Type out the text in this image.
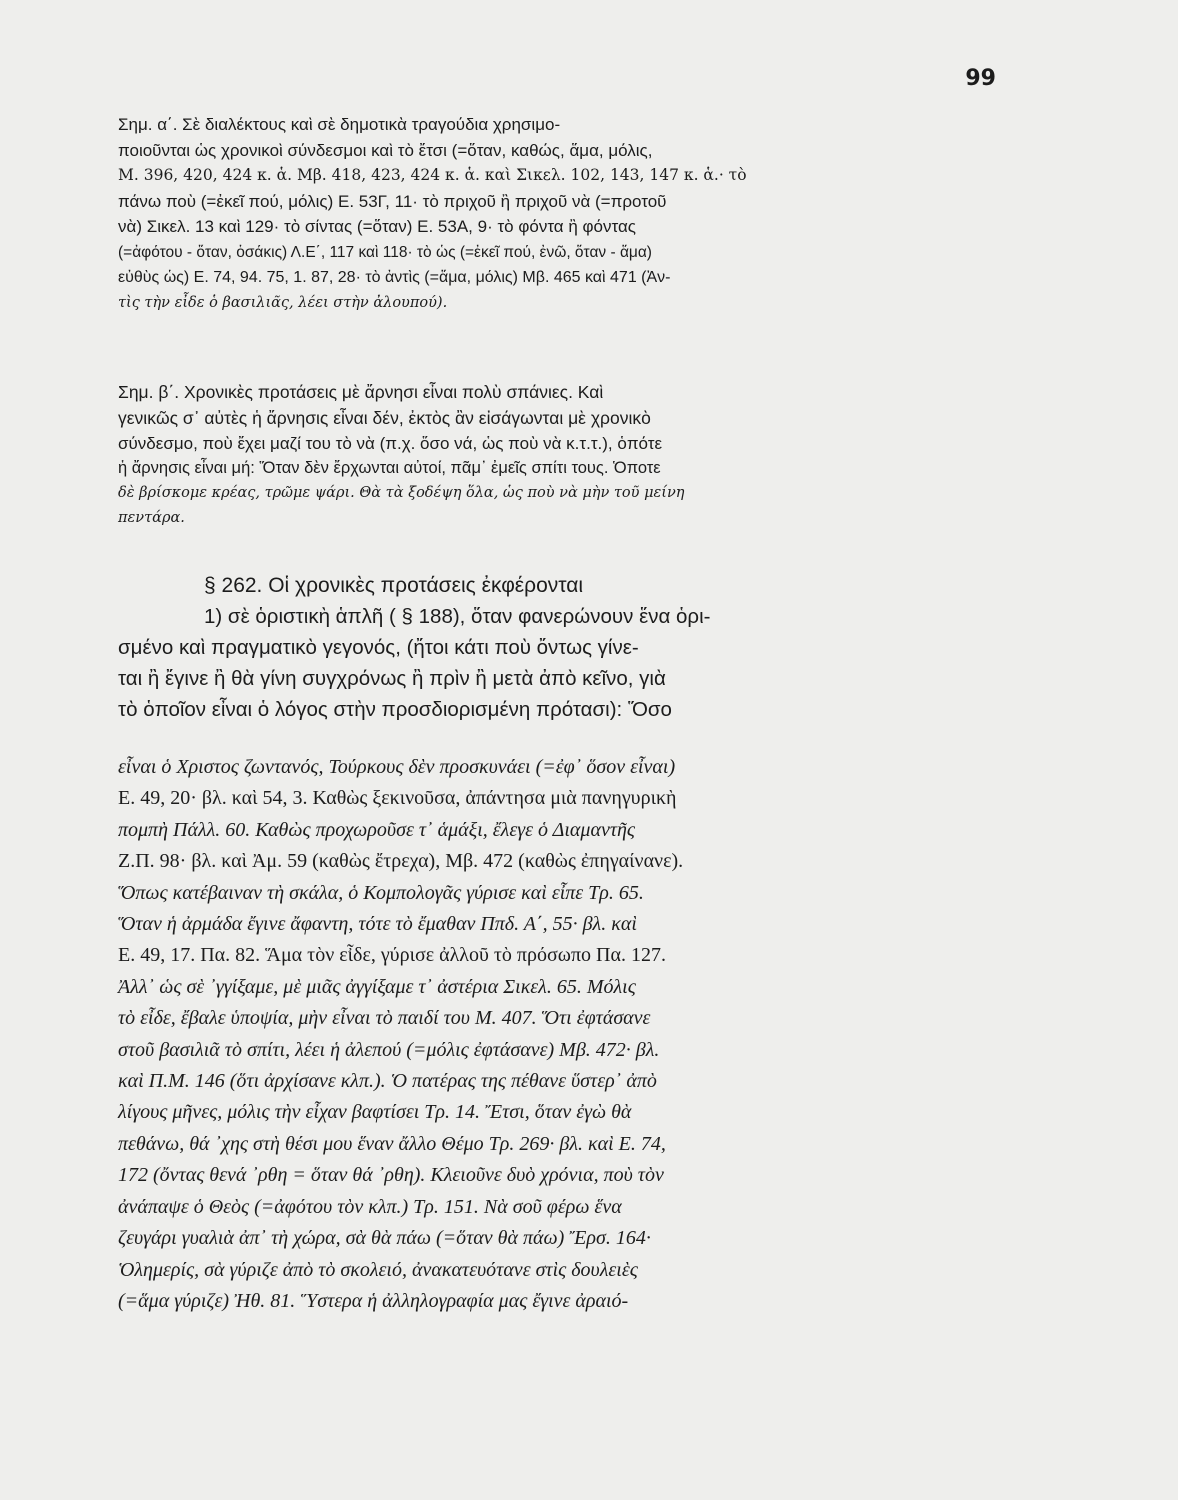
99
Σημ. α΄. Σὲ διαλέκτους καὶ σὲ δημοτικὰ τραγούδια χρησιμο-
ποιοῦνται ὡς χρονικοὶ σύνδεσμοι καὶ τὸ ἔτσι (=ὅταν, καθώς, ἅμα, μόλις,
Μ. 396, 420, 424 κ. ἁ. Μβ. 418, 423, 424 κ. ἁ. καὶ Σικελ. 102, 143, 147 κ. ἁ.· τὸ
πάνω ποὺ (=ἐκεῖ πού, μόλις) Ε. 53Γ, 11· τὸ πριχοῦ ἢ πριχοῦ νὰ (=προτοῦ
νὰ) Σικελ. 13 καὶ 129· τὸ σίντας (=ὅταν) Ε. 53Α, 9· τὸ φόντα ἢ φόντας
(=ἀφότου - ὅταν, ὁσάκις) Λ.Ε΄, 117 καὶ 118· τὸ ὡς (=ἐκεῖ πού, ἐνῶ, ὅταν - ἅμα)
εὐθὺς ὡς) Ε. 74, 94. 75, 1. 87, 28· τὸ ἀντὶς (=ἅμα, μόλις) Μβ. 465 καὶ 471 (Ἀν-
τὶς τὴν εἶδε ὁ βασιλιᾶς, λέει στὴν ἀλουπού).
Σημ. β΄. Χρονικὲς προτάσεις μὲ ἄρνησι εἶναι πολὺ σπάνιες. Καὶ
γενικῶς σ᾿ αὐτὲς ἡ ἄρνησις εἶναι δέν, ἐκτὸς ἂν εἰσάγωνται μὲ χρονικὸ
σύνδεσμο, ποὺ ἔχει μαζί του τὸ νὰ (π.χ. ὅσο νά, ὡς ποὺ νὰ κ.τ.τ.), ὁπότε
ἡ ἄρνησις εἶναι μή: Ὅταν δὲν ἔρχωνται αὐτοί, πᾶμ᾿ ἐμεῖς σπίτι τους. Ὁποτε
δὲ βρίσκομε κρέας, τρῶμε ψάρι. Θὰ τὰ ξοδέψη ὅλα, ὡς ποὺ νὰ μὴν τοῦ μείνη
πεντάρα.
§ 262. Οἱ χρονικὲς προτάσεις ἐκφέρονται
1) σὲ ὁριστικὴ ἁπλῆ ( § 188), ὅταν φανερώνουν ἕνα ὁρι-
σμένο καὶ πραγματικὸ γεγονός, (ἤτοι κάτι ποὺ ὄντως γίνε-
ται ἢ ἔγινε ἢ θὰ γίνη συγχρόνως ἢ πρὶν ἢ μετὰ ἀπὸ κεῖνο, γιὰ
τὸ ὁποῖον εἶναι ὁ λόγος στὴν προσδιορισμένη πρότασι): Ὅσο
εἶναι ὁ Χριστος ζωντανός, Τούρκους δὲν προσκυνάει (=ἐφ᾿ ὅσον εἶναι)
Ε. 49, 20· βλ. καὶ 54, 3. Καθὼς ξεκινοῦσα, ἀπάντησα μιὰ πανηγυρικὴ
πομπὴ Πάλλ. 60. Καθὼς προχωροῦσε τ᾿ ἁμάξι, ἔλεγε ὁ Διαμαντῆς
Ζ.Π. 98· βλ. καὶ Ἀμ. 59 (καθὼς ἔτρεχα), Μβ. 472 (καθὼς ἐπηγαίνανε).
Ὅπως κατέβαιναν τὴ σκάλα, ὁ Κομπολογᾶς γύρισε καὶ εἶπε Τρ. 65.
Ὅταν ἡ ἀρμάδα ἔγινε ἄφαντη, τότε τὸ ἔμαθαν Ππδ. Α΄, 55· βλ. καὶ
Ε. 49, 17. Πα. 82. Ἅμα τὸν εἶδε, γύρισε ἀλλοῦ τὸ πρόσωπο Πα. 127.
Ἀλλ᾿ ὡς σὲ ᾿γγίξαμε, μὲ μιᾶς ἀγγίξαμε τ᾿ ἀστέρια Σικελ. 65. Μόλις
τὸ εἶδε, ἔβαλε ὑποψία, μὴν εἶναι τὸ παιδί του Μ. 407. Ὅτι ἐφτάσανε
στοῦ βασιλιᾶ τὸ σπίτι, λέει ἡ ἀλεπού (=μόλις ἐφτάσανε) Μβ. 472· βλ.
καὶ Π.Μ. 146 (ὅτι ἀρχίσανε κλπ.). Ὁ πατέρας της πέθανε ὕστερ᾿ ἀπὸ
λίγους μῆνες, μόλις τὴν εἶχαν βαφτίσει Τρ. 14. Ἔτσι, ὅταν ἐγὼ θὰ
πεθάνω, θά ᾿χης στὴ θέσι μου ἕναν ἄλλο Θέμο Τρ. 269· βλ. καὶ Ε. 74,
172 (ὄντας θενά ᾿ρθη = ὅταν θά ᾿ρθη). Κλειοῦνε δυὸ χρόνια, ποὺ τὸν
ἀνάπαψε ὁ Θεὸς (=ἀφότου τὸν κλπ.) Τρ. 151. Νὰ σοῦ φέρω ἕνα
ζευγάρι γυαλιὰ ἀπ᾿ τὴ χώρα, σὰ θὰ πάω (=ὅταν θὰ πάω) Ἔρσ. 164·
Ὁλημερίς, σὰ γύριζε ἀπὸ τὸ σκολειό, ἀνακατευότανε στὶς δουλειὲς
(=ἅμα γύριζε) Ἠθ. 81. Ὕστερα ἡ ἀλληλογραφία μας ἔγινε ἀραιό-
